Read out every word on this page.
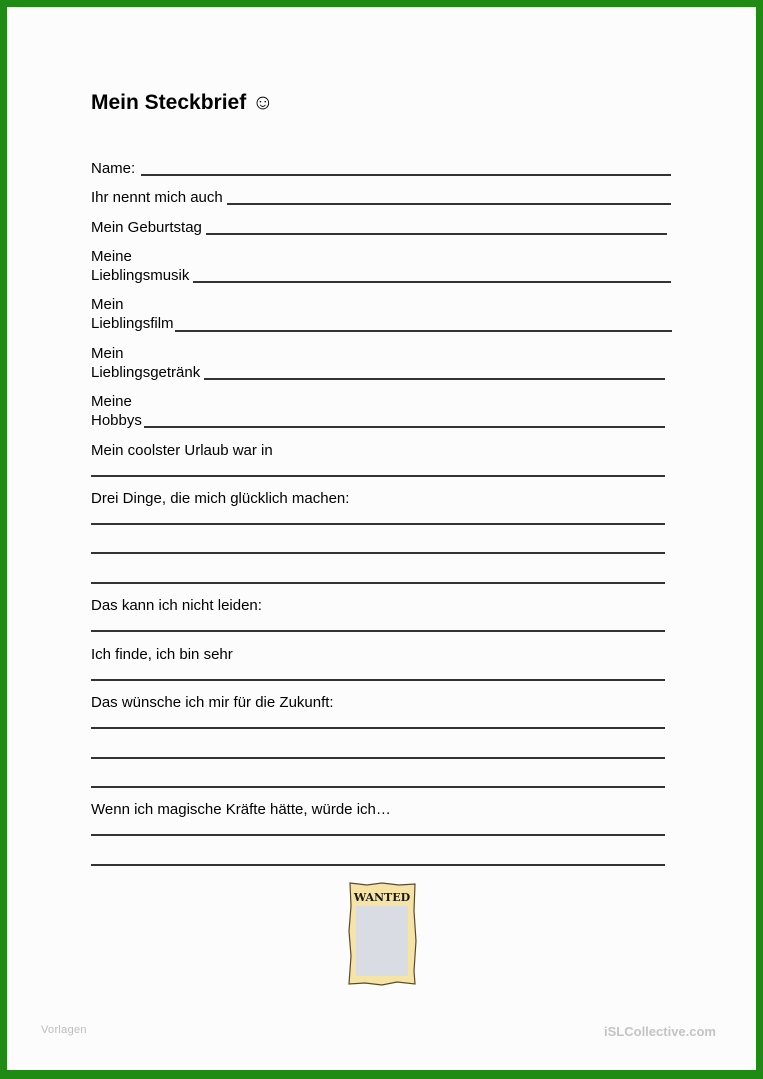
Mein Steckbrief ☺
Name:
Ihr nennt mich auch
Mein Geburtstag
Meine
Lieblingsmusik
Mein
Lieblingsfilm
Mein
Lieblingsgetränk
Meine
Hobbys
Mein coolster Urlaub war in
Drei Dinge, die mich glücklich machen:
Das kann ich nicht leiden:
Ich finde, ich bin sehr
Das wünsche ich mir für die Zukunft:
Wenn ich magische Kräfte hätte, würde ich…
WANTED
Vorlagen	iSLCollective.com
